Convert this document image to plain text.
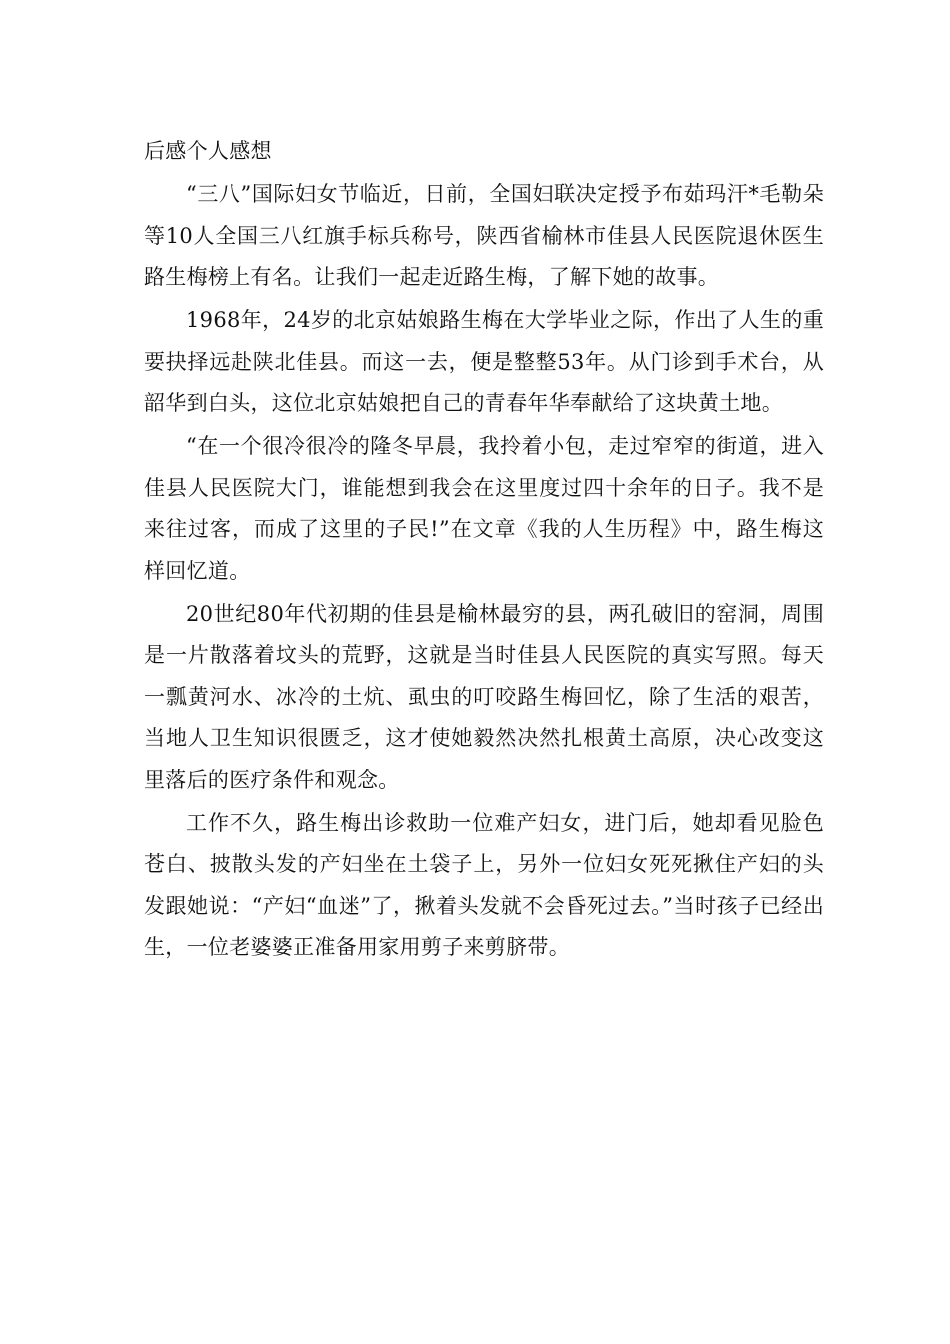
后感个人感想

“三八”国际妇女节临近，日前，全国妇联决定授予布茹玛汗*毛勒朵等10人全国三八红旗手标兵称号，陕西省榆林市佳县人民医院退休医生路生梅榜上有名。让我们一起走近路生梅，了解下她的故事。

1968年，24岁的北京姑娘路生梅在大学毕业之际，作出了人生的重要抉择远赴陕北佳县。而这一去，便是整整53年。从门诊到手术台，从韶华到白头，这位北京姑娘把自己的青春年华奉献给了这块黄土地。

“在一个很冷很冷的隆冬早晨，我拎着小包，走过窄窄的街道，进入佳县人民医院大门，谁能想到我会在这里度过四十余年的日子。我不是来往过客，而成了这里的子民!”在文章《我的人生历程》中，路生梅这样回忆道。

20世纪80年代初期的佳县是榆林最穷的县，两孔破旧的窑洞，周围是一片散落着坟头的荒野，这就是当时佳县人民医院的真实写照。每天一瓢黄河水、冰冷的土炕、虱虫的叮咬路生梅回忆，除了生活的艰苦，当地人卫生知识很匮乏，这才使她毅然决然扎根黄土高原，决心改变这里落后的医疗条件和观念。

工作不久，路生梅出诊救助一位难产妇女，进门后，她却看见脸色苍白、披散头发的产妇坐在土袋子上，另外一位妇女死死揪住产妇的头发跟她说：“产妇“血迷”了，揪着头发就不会昏死过去。”当时孩子已经出生，一位老婆婆正准备用家用剪子来剪脐带。
